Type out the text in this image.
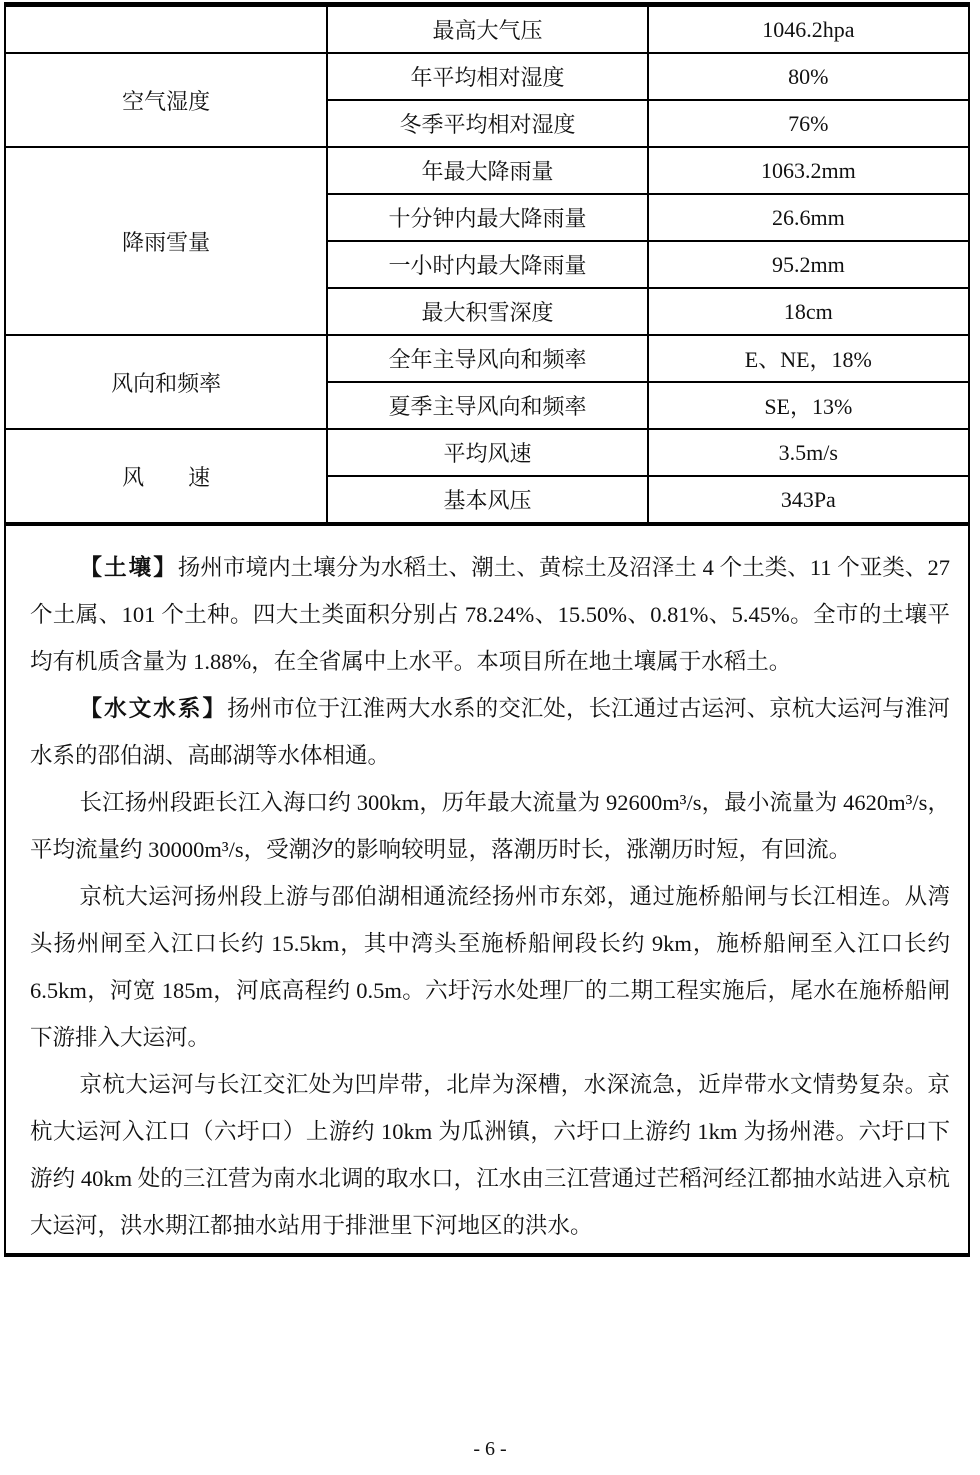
	最高大气压	1046.2hpa
空气湿度	年平均相对湿度	80%
	冬季平均相对湿度	76%
降雨雪量	年最大降雨量	1063.2mm
	十分钟内最大降雨量	26.6mm
	一小时内最大降雨量	95.2mm
	最大积雪深度	18cm
风向和频率	全年主导风向和频率	E、NE，18%
	夏季主导风向和频率	SE，13%
风　　速	平均风速	3.5m/s
	基本风压	343Pa

【土壤】扬州市境内土壤分为水稻土、潮土、黄棕土及沼泽土 4 个土类、11 个亚类、27 个土属、101 个土种。四大土类面积分别占 78.24%、15.50%、0.81%、5.45%。全市的土壤平均有机质含量为 1.88%，在全省属中上水平。本项目所在地土壤属于水稻土。

【水文水系】扬州市位于江淮两大水系的交汇处，长江通过古运河、京杭大运河与淮河水系的邵伯湖、高邮湖等水体相通。

长江扬州段距长江入海口约 300km，历年最大流量为 92600m³/s，最小流量为 4620m³/s，平均流量约 30000m³/s，受潮汐的影响较明显，落潮历时长，涨潮历时短，有回流。

京杭大运河扬州段上游与邵伯湖相通流经扬州市东郊，通过施桥船闸与长江相连。从湾头扬州闸至入江口长约 15.5km，其中湾头至施桥船闸段长约 9km，施桥船闸至入江口长约 6.5km，河宽 185m，河底高程约 0.5m。六圩污水处理厂的二期工程实施后，尾水在施桥船闸下游排入大运河。

京杭大运河与长江交汇处为凹岸带，北岸为深槽，水深流急，近岸带水文情势复杂。京杭大运河入江口（六圩口）上游约 10km 为瓜洲镇，六圩口上游约 1km 为扬州港。六圩口下游约 40km 处的三江营为南水北调的取水口，江水由三江营通过芒稻河经江都抽水站进入京杭大运河，洪水期江都抽水站用于排泄里下河地区的洪水。

- 6 -
